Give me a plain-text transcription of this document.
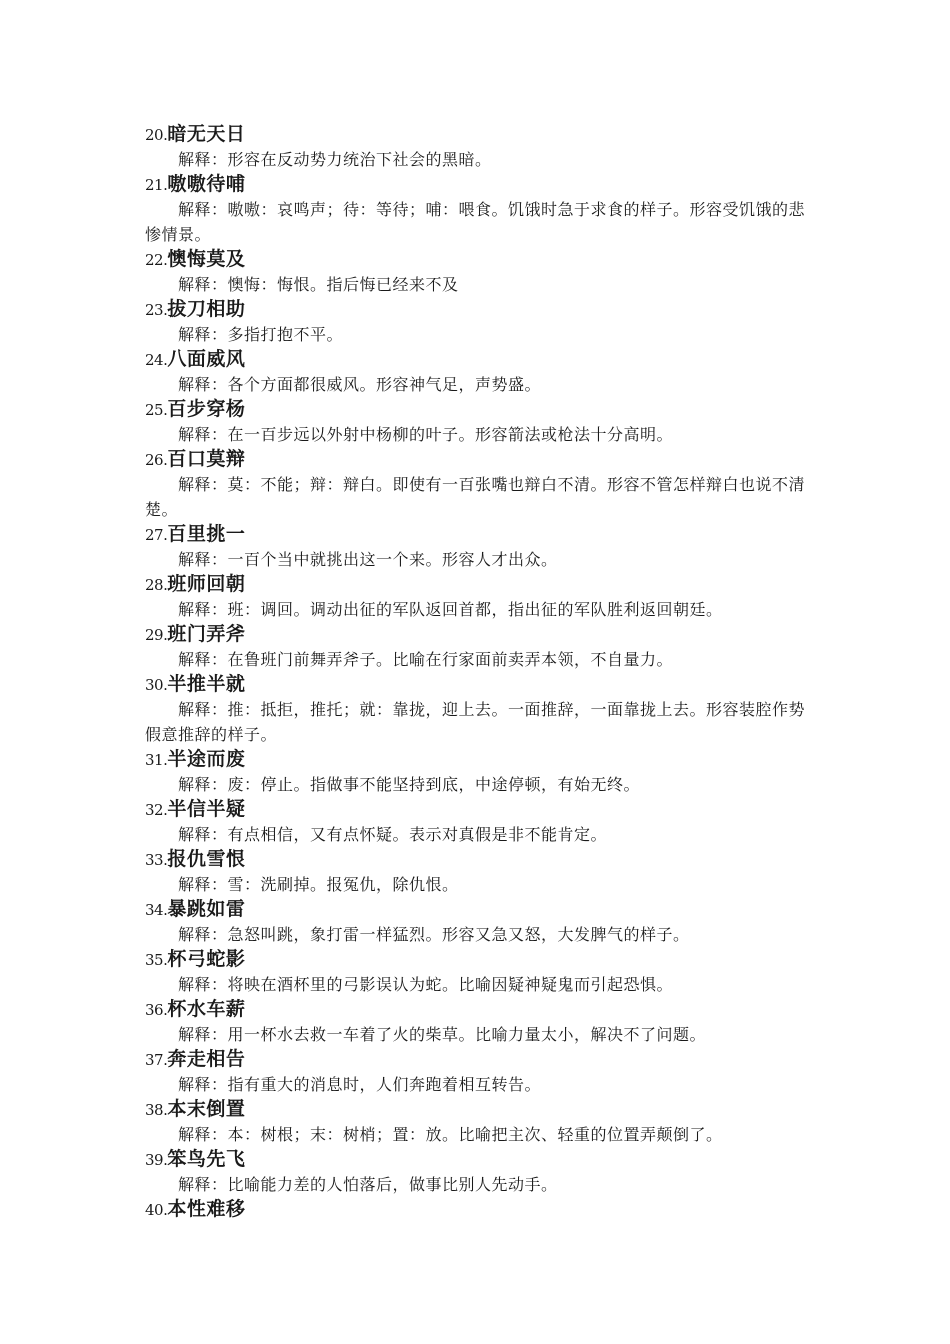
20.暗无天日

解释：形容在反动势力统治下社会的黑暗。

21.嗷嗷待哺

解释：嗷嗷：哀鸣声；待：等待；哺：喂食。饥饿时急于求食的样子。形容受饥饿的悲惨情景。

22.懊悔莫及

解释：懊悔：悔恨。指后悔已经来不及

23.拔刀相助

解释：多指打抱不平。

24.八面威风

解释：各个方面都很威风。形容神气足，声势盛。

25.百步穿杨

解释：在一百步远以外射中杨柳的叶子。形容箭法或枪法十分高明。

26.百口莫辩

解释：莫：不能；辩：辩白。即使有一百张嘴也辩白不清。形容不管怎样辩白也说不清楚。

27.百里挑一

解释：一百个当中就挑出这一个来。形容人才出众。

28.班师回朝

解释：班：调回。调动出征的军队返回首都，指出征的军队胜利返回朝廷。

29.班门弄斧

解释：在鲁班门前舞弄斧子。比喻在行家面前卖弄本领，不自量力。

30.半推半就

解释：推：抵拒，推托；就：靠拢，迎上去。一面推辞，一面靠拢上去。形容装腔作势假意推辞的样子。

31.半途而废

解释：废：停止。指做事不能坚持到底，中途停顿，有始无终。

32.半信半疑

解释：有点相信，又有点怀疑。表示对真假是非不能肯定。

33.报仇雪恨

解释：雪：洗刷掉。报冤仇，除仇恨。

34.暴跳如雷

解释：急怒叫跳，象打雷一样猛烈。形容又急又怒，大发脾气的样子。

35.杯弓蛇影

解释：将映在酒杯里的弓影误认为蛇。比喻因疑神疑鬼而引起恐惧。

36.杯水车薪

解释：用一杯水去救一车着了火的柴草。比喻力量太小，解决不了问题。

37.奔走相告

解释：指有重大的消息时，人们奔跑着相互转告。

38.本末倒置

解释：本：树根；末：树梢；置：放。比喻把主次、轻重的位置弄颠倒了。

39.笨鸟先飞

解释：比喻能力差的人怕落后，做事比别人先动手。

40.本性难移
